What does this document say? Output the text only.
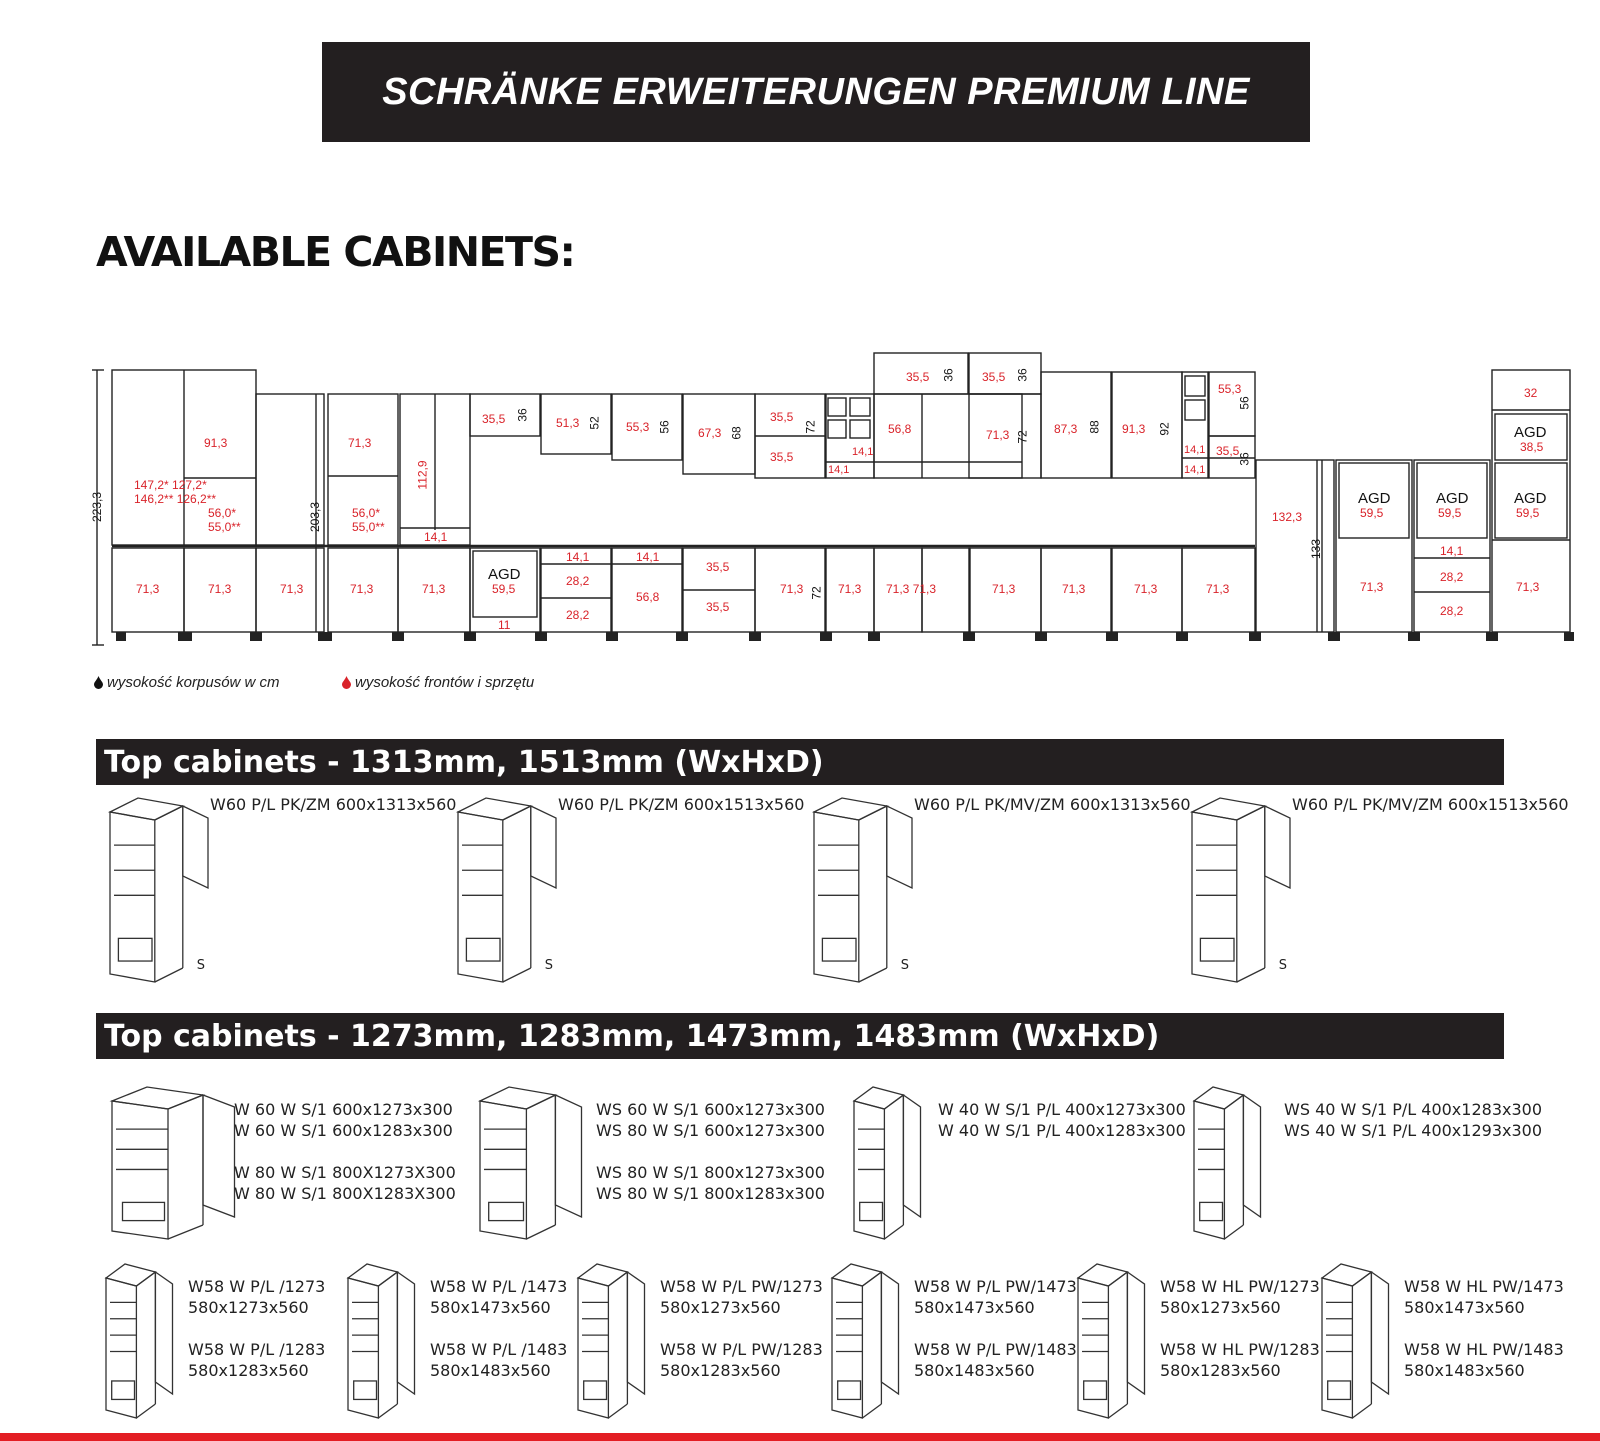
SCHRÄNKE ERWEITERUNGEN PREMIUM LINE
AVAILABLE CABINETS:
223,3	203,3
133
72
91,3
147,2* 127,2*
146,2** 126,2**
56,0*
55,0**
71,3
56,0*
55,0**
112,9
14,1
35,5	51,3	55,3	67,3
35,5
35,5
56,8	71,3	87,3	91,3
55,3
35,5
14,1
14,1	14,1
14,1
35,5	35,5
71,3	71,3	71,3	71,3	71,3	71,3	71,3 71,3 71,3	71,3	71,3	71,3	71,3
59,5
11
14,1
28,2
28,2
14,1
56,8
35,5
35,5
132,3	59,5	59,5	59,5
32
38,5
71,3
14,1
28,2
28,2
71,3
36
52	56	68	72
72
88	92
56
36
36	36
AGD
AGD	AGD	AGD
AGD
wysokość korpusów w cm	wysokość frontów i sprzętu
Top cabinets - 1313mm, 1513mm (WxHxD)
W60 P/L PK/ZM 600x1313x560
S
W60 P/L PK/ZM 600x1513x560
S
W60 P/L PK/MV/ZM 600x1313x560
S
W60 P/L PK/MV/ZM 600x1513x560
S
Top cabinets - 1273mm, 1283mm, 1473mm, 1483mm (WxHxD)
W 60 W S/1 600x1273x300
W 60 W S/1 600x1283x300
W 80 W S/1 800X1273X300
W 80 W S/1 800X1283X300
WS 60 W S/1 600x1273x300
WS 80 W S/1 600x1273x300
WS 80 W S/1 800x1273x300
WS 80 W S/1 800x1283x300
W 40 W S/1 P/L 400x1273x300
W 40 W S/1 P/L 400x1283x300
WS 40 W S/1 P/L 400x1283x300
WS 40 W S/1 P/L 400x1293x300
W58 W P/L /1273
580x1273x560
W58 W P/L /1283
580x1283x560
W58 W P/L /1473
580x1473x560
W58 W P/L /1483
580x1483x560
W58 W P/L PW/1273
580x1273x560
W58 W P/L PW/1283
580x1283x560
W58 W P/L PW/1473
580x1473x560
W58 W P/L PW/1483
580x1483x560
W58 W HL PW/1273
580x1273x560
W58 W HL PW/1283
580x1283x560
W58 W HL PW/1473
580x1473x560
W58 W HL PW/1483
580x1483x560
